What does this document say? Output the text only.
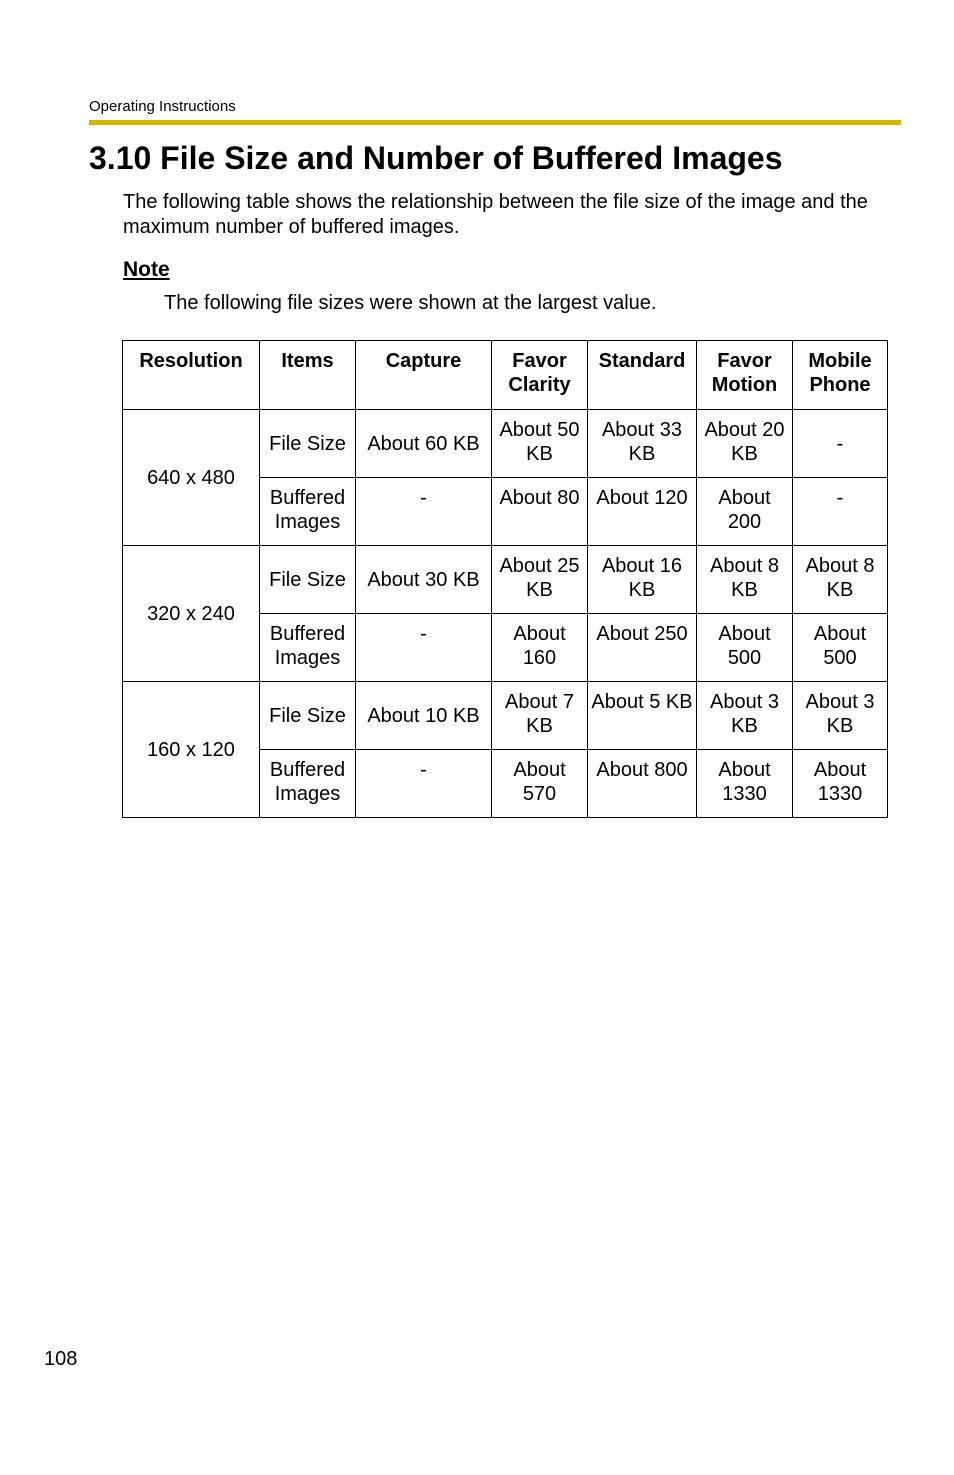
Operating Instructions
3.10 File Size and Number of Buffered Images

The following table shows the relationship between the file size of the image and the maximum number of buffered images.

Note

The following file sizes were shown at the largest value.

Resolution	Items	Capture	Favor Clarity	Standard	Favor Motion	Mobile Phone
640 x 480	File Size	About 60 KB	About 50 KB	About 33 KB	About 20 KB	-
	Buffered Images	-	About 80	About 120	About 200	-
320 x 240	File Size	About 30 KB	About 25 KB	About 16 KB	About 8 KB	About 8 KB
	Buffered Images	-	About 160	About 250	About 500	About 500
160 x 120	File Size	About 10 KB	About 7 KB	About 5 KB	About 3 KB	About 3 KB
	Buffered Images	-	About 570	About 800	About 1330	About 1330
108
